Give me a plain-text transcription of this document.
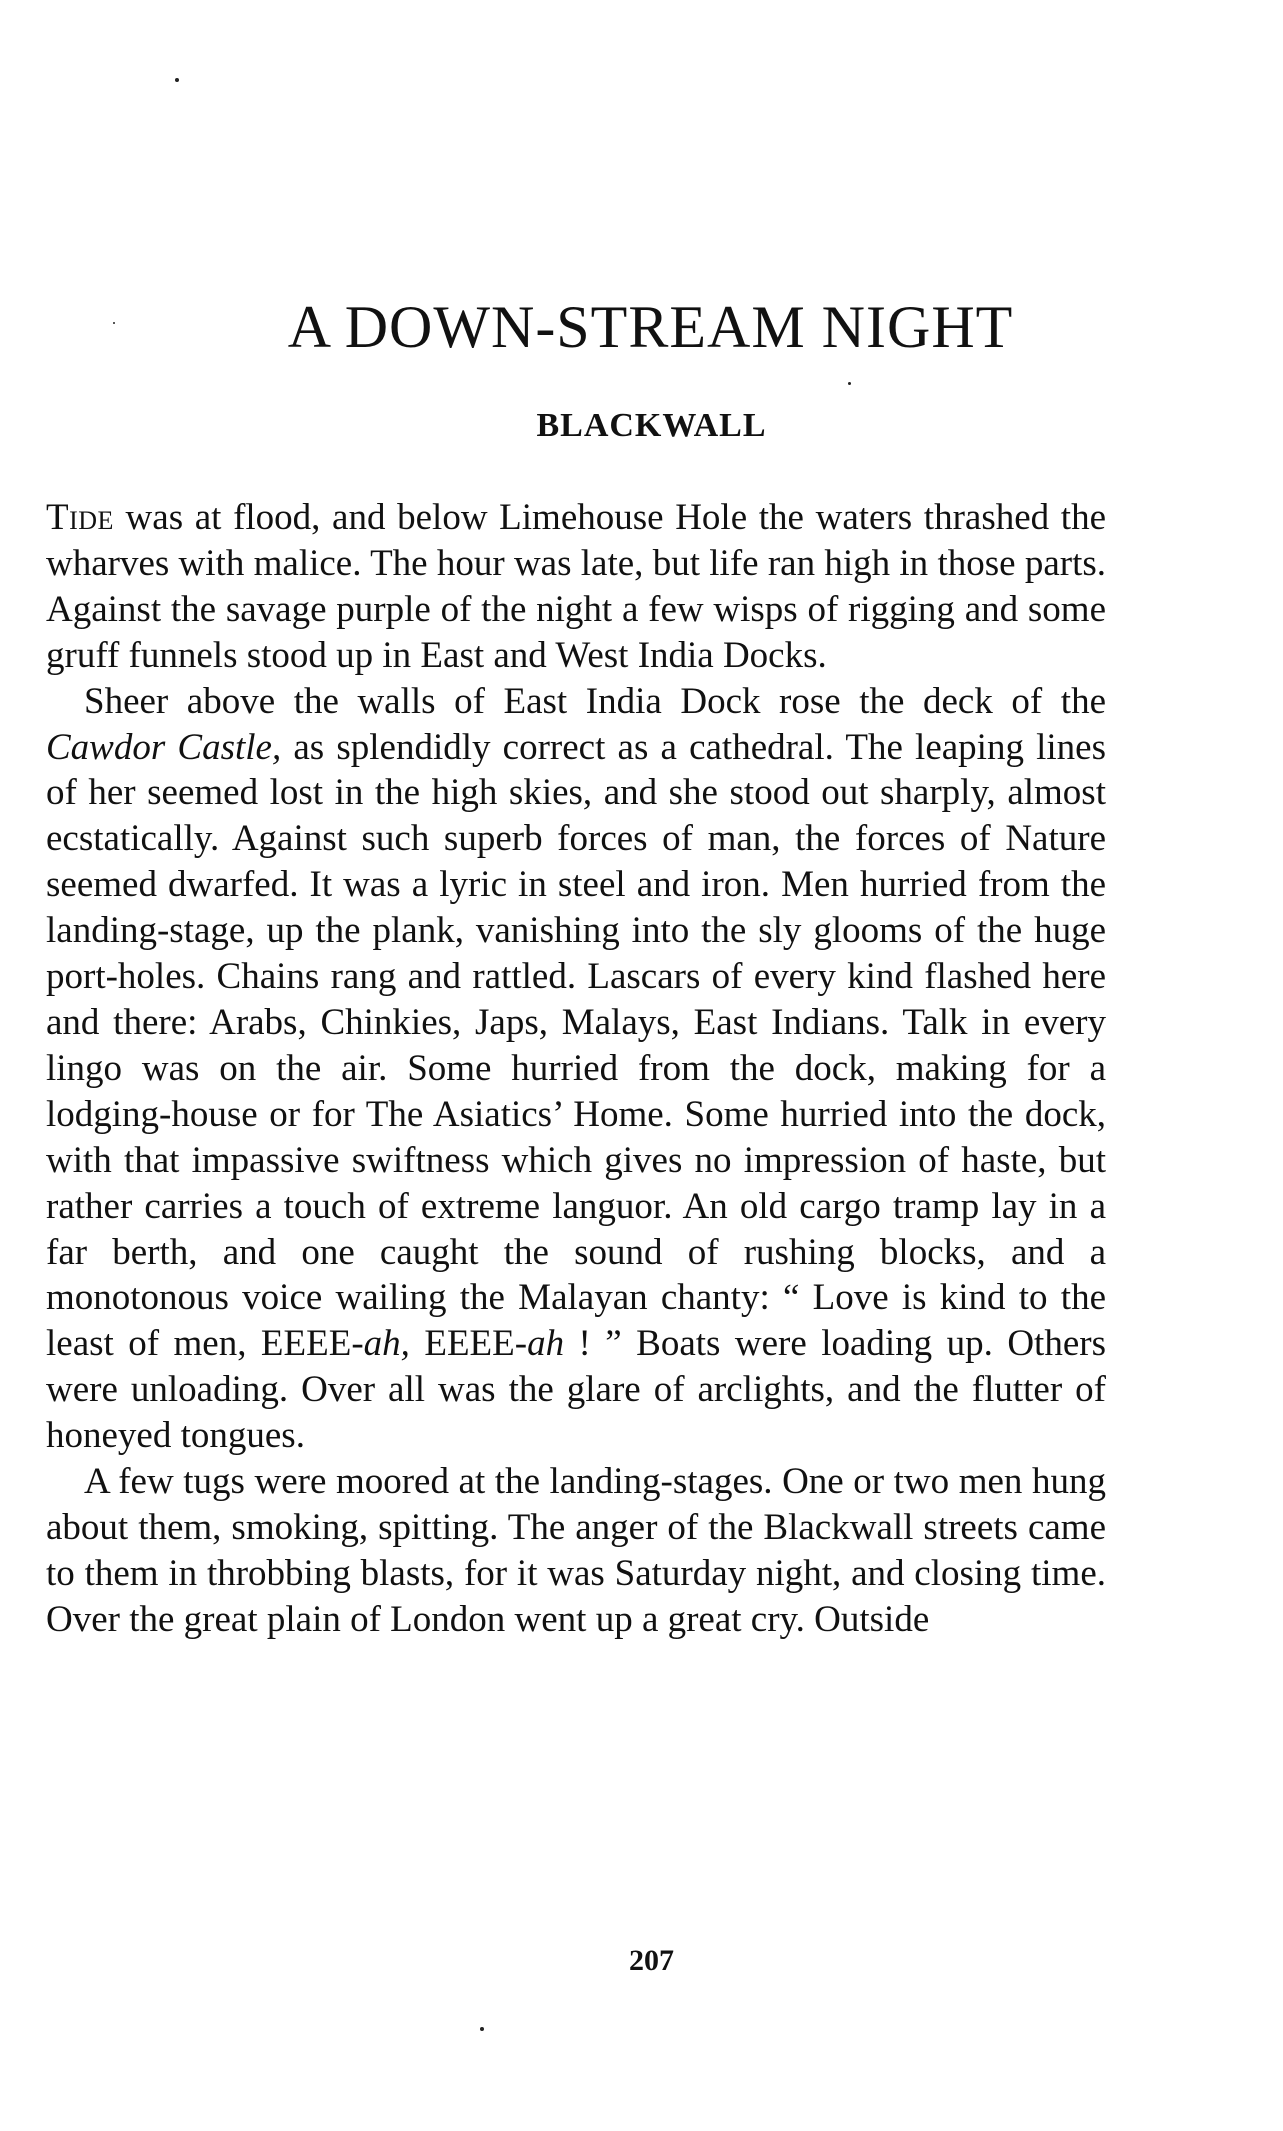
A DOWN-STREAM NIGHT
BLACKWALL

Tide was at flood, and below Limehouse Hole the waters thrashed the wharves with malice. The hour was late, but life ran high in those parts. Against the savage purple of the night a few wisps of rigging and some gruff funnels stood up in East and West India Docks.

Sheer above the walls of East India Dock rose the deck of the Cawdor Castle, as splendidly correct as a cathedral. The leaping lines of her seemed lost in the high skies, and she stood out sharply, almost ecstatically. Against such superb forces of man, the forces of Nature seemed dwarfed. It was a lyric in steel and iron. Men hurried from the landing-stage, up the plank, vanishing into the sly glooms of the huge port-holes. Chains rang and rattled. Lascars of every kind flashed here and there: Arabs, Chinkies, Japs, Malays, East Indians. Talk in every lingo was on the air. Some hurried from the dock, making for a lodging-house or for The Asiatics’ Home. Some hurried into the dock, with that impassive swiftness which gives no impression of haste, but rather carries a touch of extreme languor. An old cargo tramp lay in a far berth, and one caught the sound of rushing blocks, and a monotonous voice wailing the Malayan chanty: “ Love is kind to the least of men, EEEE-ah, EEEE-ah ! ” Boats were loading up. Others were unloading. Over all was the glare of arclights, and the flutter of honeyed tongues.

A few tugs were moored at the landing-stages. One or two men hung about them, smoking, spitting. The anger of the Blackwall streets came to them in throbbing blasts, for it was Saturday night, and closing time. Over the great plain of London went up a great cry. Outside

207
